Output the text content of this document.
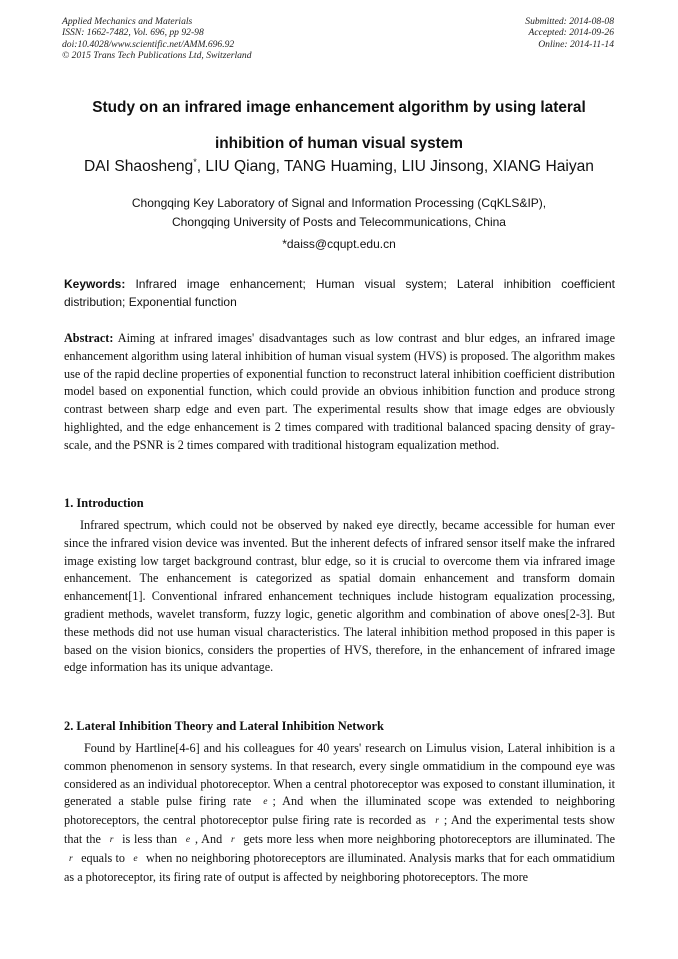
Applied Mechanics and Materials
ISSN: 1662-7482, Vol. 696, pp 92-98
doi:10.4028/www.scientific.net/AMM.696.92
© 2015 Trans Tech Publications Ltd, Switzerland
Submitted: 2014-08-08
Accepted: 2014-09-26
Online: 2014-11-14
Study on an infrared image enhancement algorithm by using lateral
inhibition of human visual system
DAI Shaosheng*, LIU Qiang, TANG Huaming, LIU Jinsong, XIANG Haiyan
Chongqing Key Laboratory of Signal and Information Processing (CqKLS&IP),
Chongqing University of Posts and Telecommunications, China
*daiss@cqupt.edu.cn
Keywords: Infrared image enhancement; Human visual system; Lateral inhibition coefficient distribution; Exponential function
Abstract: Aiming at infrared images' disadvantages such as low contrast and blur edges, an infrared image enhancement algorithm using lateral inhibition of human visual system (HVS) is proposed. The algorithm makes use of the rapid decline properties of exponential function to reconstruct lateral inhibition coefficient distribution model based on exponential function, which could provide an obvious inhibition function and produce strong contrast between sharp edge and even part. The experimental results show that image edges are obviously highlighted, and the edge enhancement is 2 times compared with traditional balanced spacing density of gray-scale, and the PSNR is 2 times compared with traditional histogram equalization method.
1. Introduction
Infrared spectrum, which could not be observed by naked eye directly, became accessible for human ever since the infrared vision device was invented. But the inherent defects of infrared sensor itself make the infrared image existing low target background contrast, blur edge, so it is crucial to overcome them via infrared image enhancement. The enhancement is categorized as spatial domain enhancement and transform domain enhancement[1]. Conventional infrared enhancement techniques include histogram equalization processing, gradient methods, wavelet transform, fuzzy logic, genetic algorithm and combination of above ones[2-3]. But these methods did not use human visual characteristics. The lateral inhibition method proposed in this paper is based on the vision bionics, considers the properties of HVS, therefore, in the enhancement of infrared image edge information has its unique advantage.
2. Lateral Inhibition Theory and Lateral Inhibition Network
Found by Hartline[4-6] and his colleagues for 40 years' research on Limulus vision, Lateral inhibition is a common phenomenon in sensory systems. In that research, every single ommatidium in the compound eye was considered as an individual photoreceptor. When a central photoreceptor was exposed to constant illumination, it generated a stable pulse firing rate e ; And when the illuminated scope was extended to neighboring photoreceptors, the central photoreceptor pulse firing rate is recorded as r ; And the experimental tests show that the r is less than e , And r gets more less when more neighboring photoreceptors are illuminated. The r equals to e when no neighboring photoreceptors are illuminated. Analysis marks that for each ommatidium as a photoreceptor, its firing rate of output is affected by neighboring photoreceptors. The more
